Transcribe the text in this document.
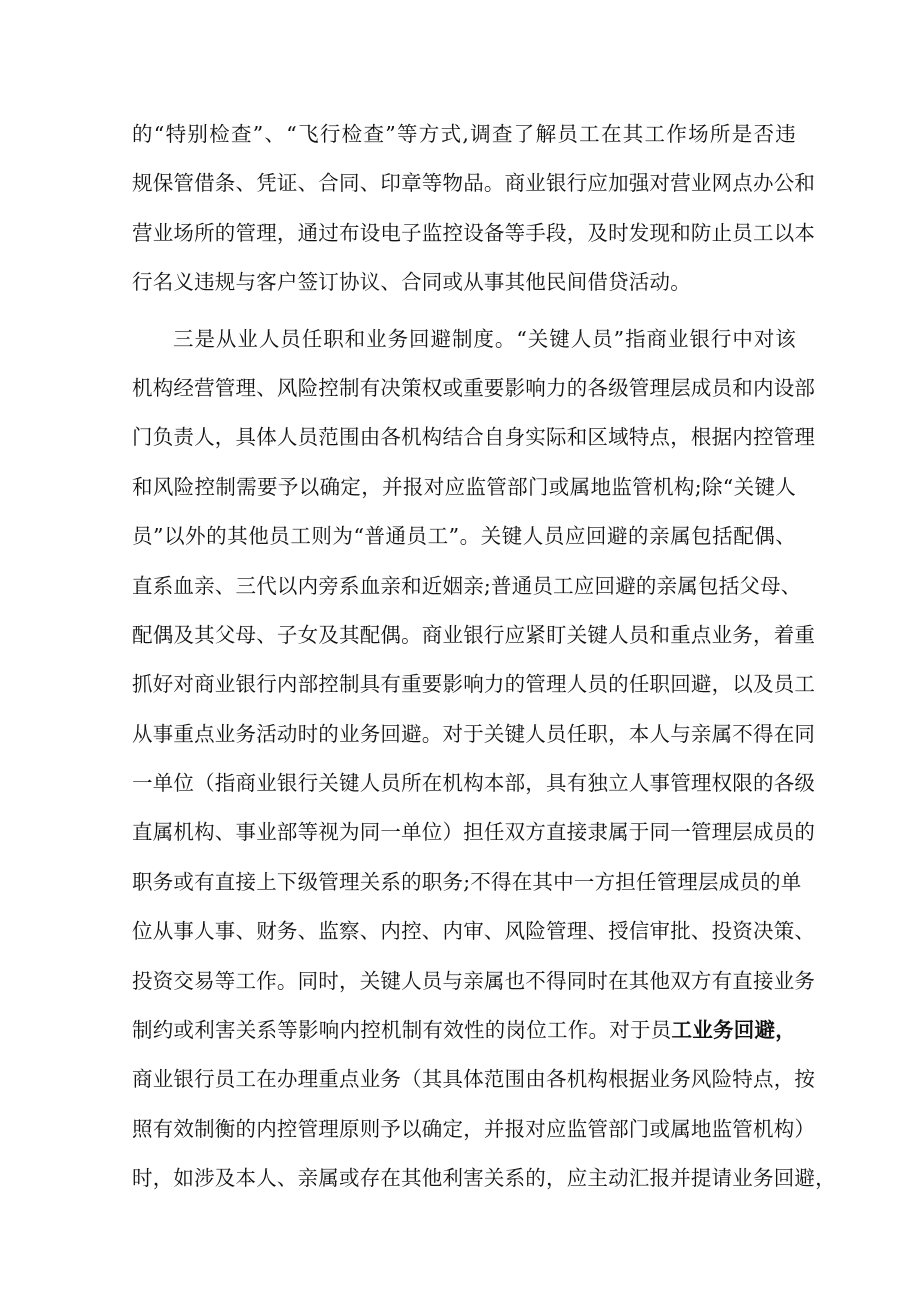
的“特别检查”、“飞行检查”等方式,调查了解员工在其工作场所是否违
规保管借条、凭证、合同、印章等物品。商业银行应加强对营业网点办公和
营业场所的管理，通过布设电子监控设备等手段，及时发现和防止员工以本
行名义违规与客户签订协议、合同或从事其他民间借贷活动。
三是从业人员任职和业务回避制度。“关键人员”指商业银行中对该
机构经营管理、风险控制有决策权或重要影响力的各级管理层成员和内设部
门负责人，具体人员范围由各机构结合自身实际和区域特点，根据内控管理
和风险控制需要予以确定，并报对应监管部门或属地监管机构;除“关键人
员”以外的其他员工则为“普通员工”。关键人员应回避的亲属包括配偶、
直系血亲、三代以内旁系血亲和近姻亲;普通员工应回避的亲属包括父母、
配偶及其父母、子女及其配偶。商业银行应紧盯关键人员和重点业务，着重
抓好对商业银行内部控制具有重要影响力的管理人员的任职回避，以及员工
从事重点业务活动时的业务回避。对于关键人员任职，本人与亲属不得在同
一单位（指商业银行关键人员所在机构本部，具有独立人事管理权限的各级
直属机构、事业部等视为同一单位）担任双方直接隶属于同一管理层成员的
职务或有直接上下级管理关系的职务;不得在其中一方担任管理层成员的单
位从事人事、财务、监察、内控、内审、风险管理、授信审批、投资决策、
投资交易等工作。同时，关键人员与亲属也不得同时在其他双方有直接业务
制约或利害关系等影响内控机制有效性的岗位工作。对于员工业务回避，
商业银行员工在办理重点业务（其具体范围由各机构根据业务风险特点，按
照有效制衡的内控管理原则予以确定，并报对应监管部门或属地监管机构）
时，如涉及本人、亲属或存在其他利害关系的，应主动汇报并提请业务回避，
